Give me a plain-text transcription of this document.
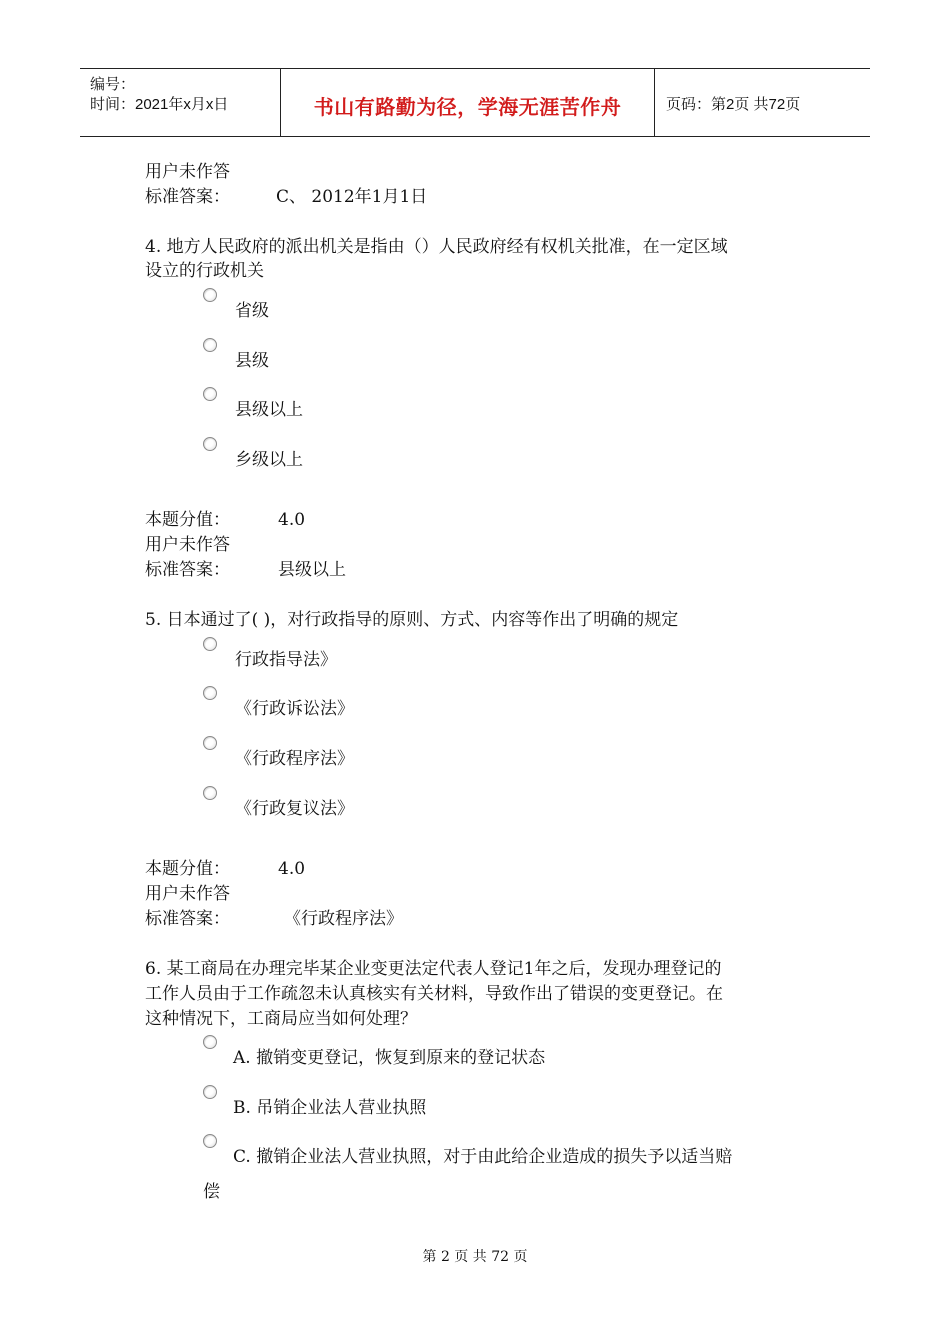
编号：
时间：2021年x月x日	书山有路勤为径，学海无涯苦作舟	页码：第2页 共72页
用户未作答
标准答案：	C、 2012年1月1日
4. 地方人民政府的派出机关是指由（）人民政府经有权机关批准，在一定区域
设立的行政机关
省级
县级
县级以上
乡级以上
本题分值：	4.0
用户未作答
标准答案：	县级以上
5. 日本通过了( )，对行政指导的原则、方式、内容等作出了明确的规定
行政指导法》
《行政诉讼法》
《行政程序法》
《行政复议法》
本题分值：	4.0
用户未作答
标准答案：	《行政程序法》
6. 某工商局在办理完毕某企业变更法定代表人登记1年之后，发现办理登记的
工作人员由于工作疏忽未认真核实有关材料，导致作出了错误的变更登记。在
这种情况下，工商局应当如何处理？
A. 撤销变更登记，恢复到原来的登记状态
B. 吊销企业法人营业执照
C. 撤销企业法人营业执照，对于由此给企业造成的损失予以适当赔
偿
第 2 页 共 72 页
